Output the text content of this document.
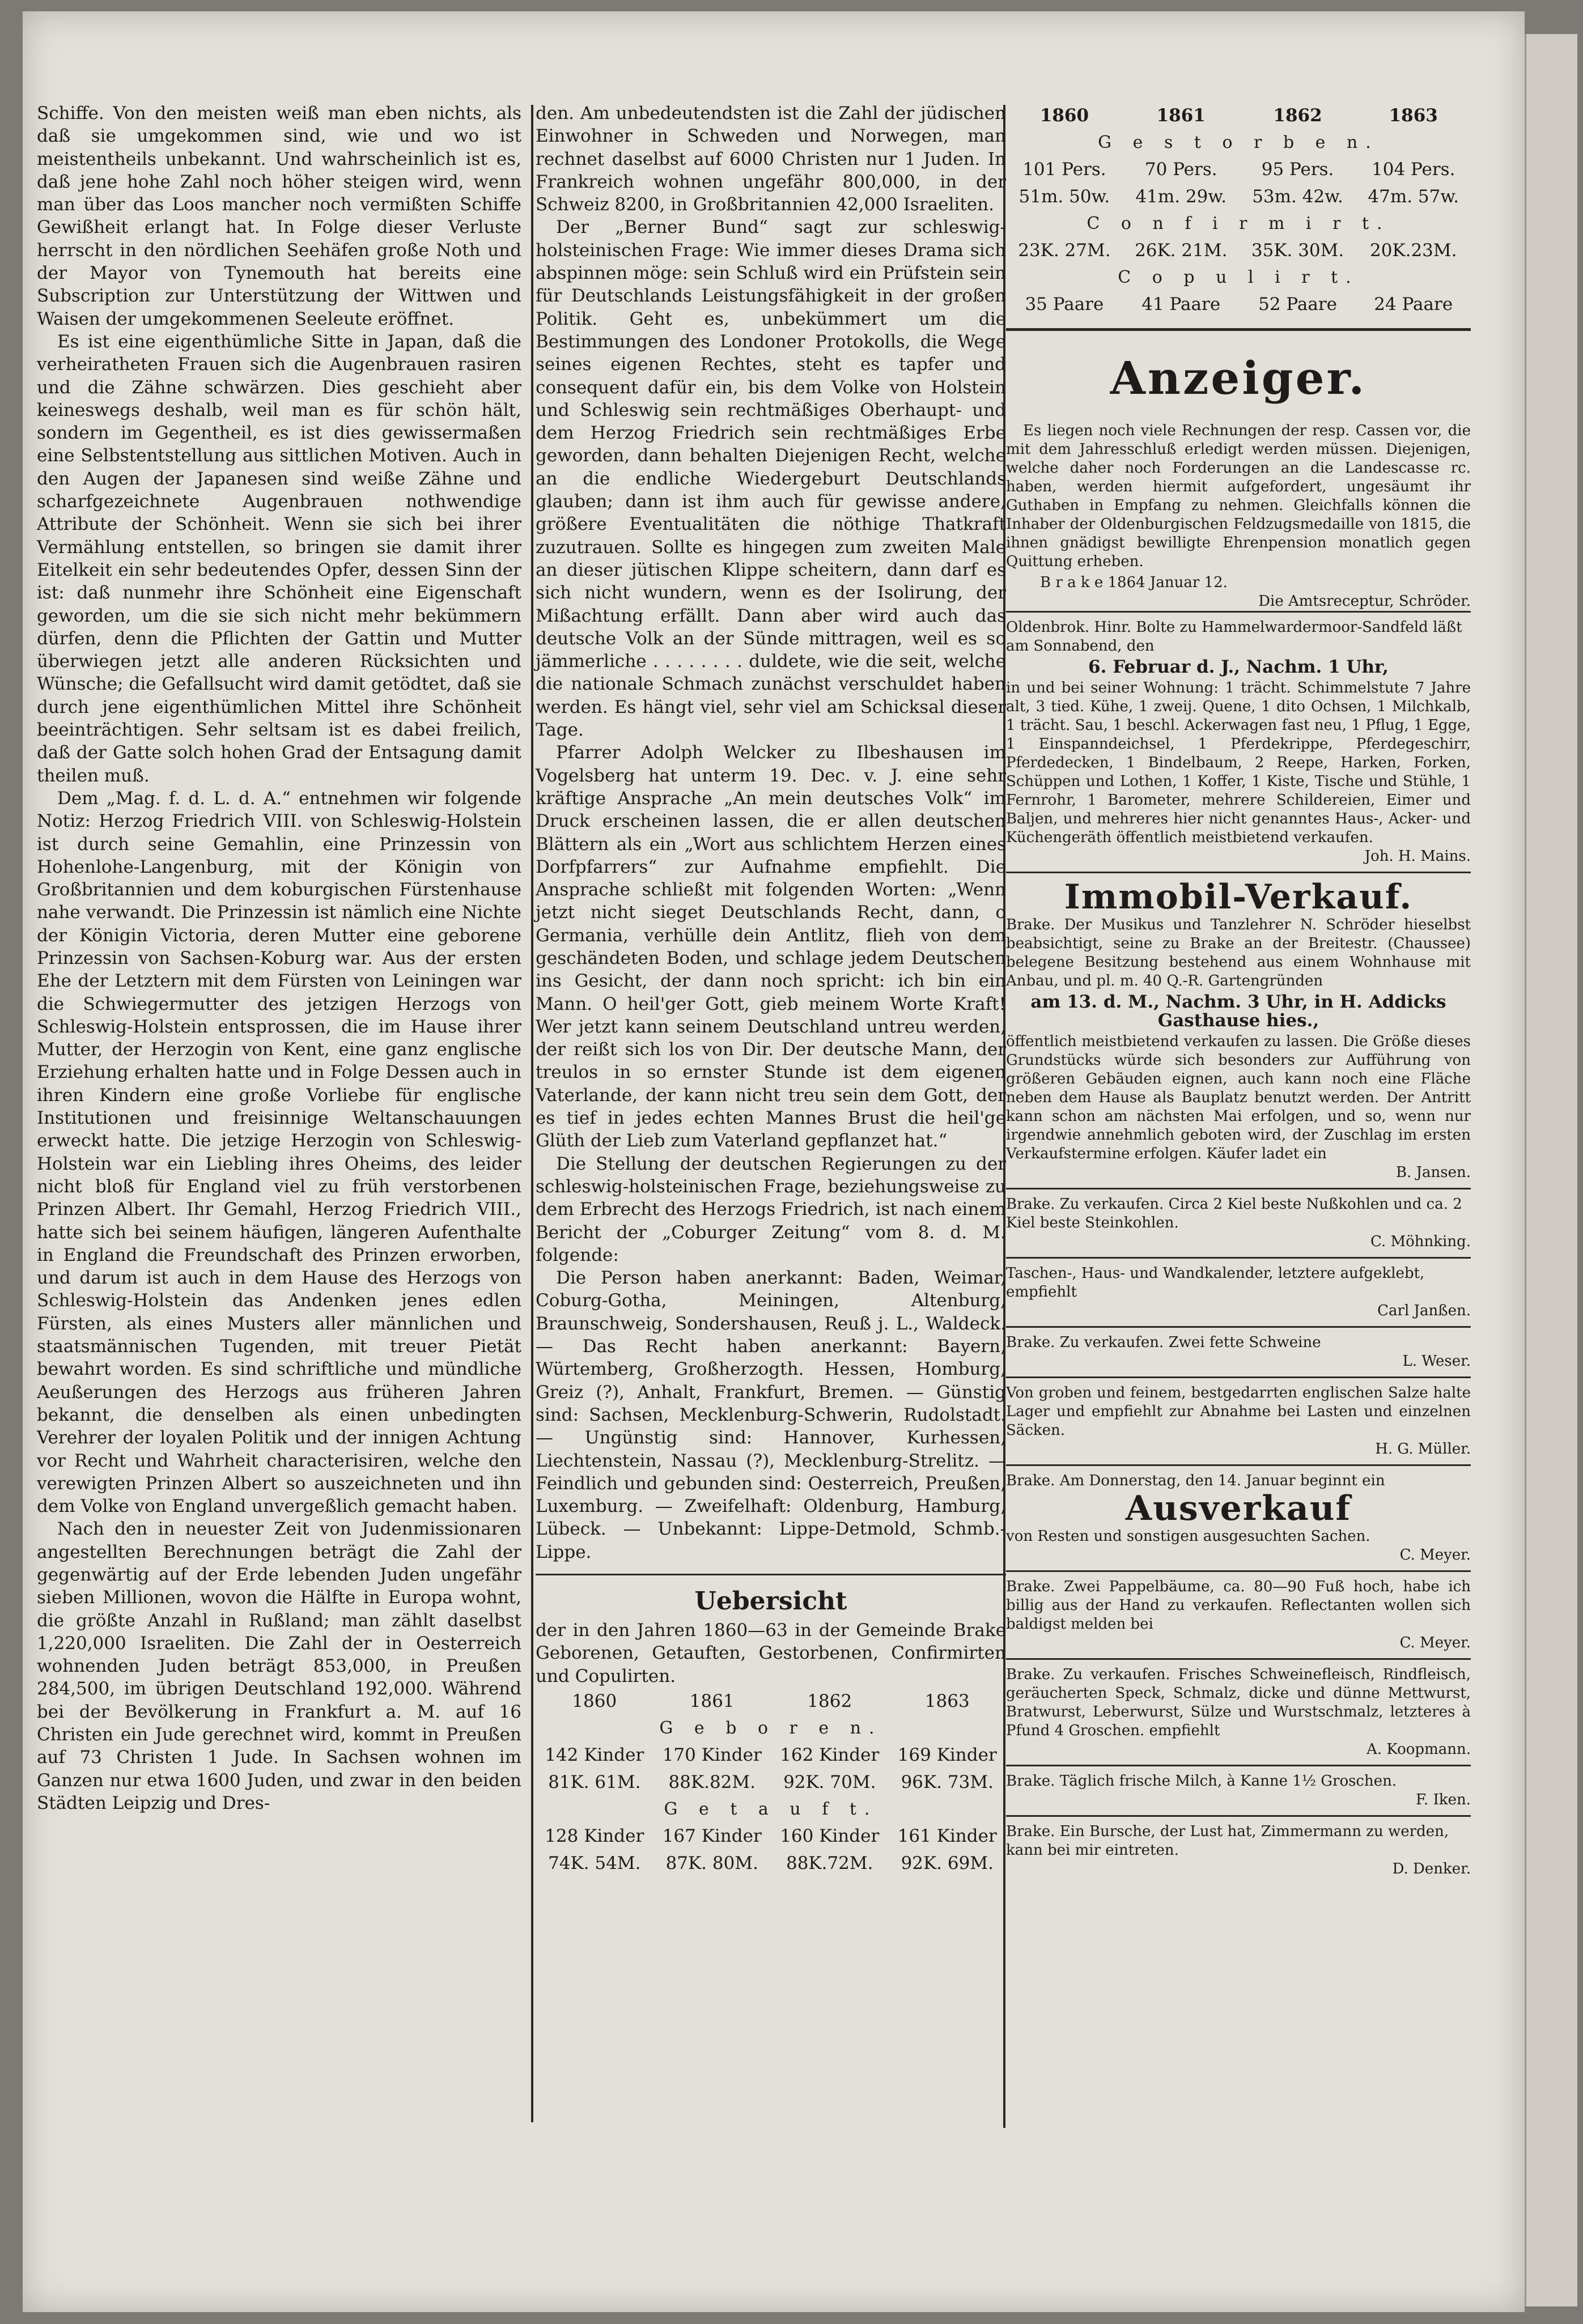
Schiffe. Von den meisten weiß man eben nichts, als daß sie umgekommen sind, wie und wo ist meistentheils unbekannt. Und wahrscheinlich ist es, daß jene hohe Zahl noch höher steigen wird, wenn man über das Loos mancher noch vermißten Schiffe Gewißheit erlangt hat. In Folge dieser Verluste herrscht in den nördlichen Seehäfen große Noth und der Mayor von Tynemouth hat bereits eine Subscription zur Unterstützung der Wittwen und Waisen der umgekommenen Seeleute eröffnet.

Es ist eine eigenthümliche Sitte in Japan, daß die verheiratheten Frauen sich die Augenbrauen rasiren und die Zähne schwärzen. Dies geschieht aber keineswegs deshalb, weil man es für schön hält, sondern im Gegentheil, es ist dies gewissermaßen eine Selbstentstellung aus sittlichen Motiven. Auch in den Augen der Japanesen sind weiße Zähne und scharfgezeichnete Augenbrauen nothwendige Attribute der Schönheit. Wenn sie sich bei ihrer Vermählung entstellen, so bringen sie damit ihrer Eitelkeit ein sehr bedeutendes Opfer, dessen Sinn der ist: daß nunmehr ihre Schönheit eine Eigenschaft geworden, um die sie sich nicht mehr bekümmern dürfen, denn die Pflichten der Gattin und Mutter überwiegen jetzt alle anderen Rücksichten und Wünsche; die Gefallsucht wird damit getödtet, daß sie durch jene eigenthümlichen Mittel ihre Schönheit beeinträchtigen. Sehr seltsam ist es dabei freilich, daß der Gatte solch hohen Grad der Entsagung damit theilen muß.

Dem „Mag. f. d. L. d. A.“ entnehmen wir folgende Notiz: Herzog Friedrich VIII. von Schleswig-Holstein ist durch seine Gemahlin, eine Prinzessin von Hohenlohe-Langenburg, mit der Königin von Großbritannien und dem koburgischen Fürstenhause nahe verwandt. Die Prinzessin ist nämlich eine Nichte der Königin Victoria, deren Mutter eine geborene Prinzessin von Sachsen-Koburg war. Aus der ersten Ehe der Letztern mit dem Fürsten von Leiningen war die Schwiegermutter des jetzigen Herzogs von Schleswig-Holstein entsprossen, die im Hause ihrer Mutter, der Herzogin von Kent, eine ganz englische Erziehung erhalten hatte und in Folge Dessen auch in ihren Kindern eine große Vorliebe für englische Institutionen und freisinnige Weltanschauungen erweckt hatte. Die jetzige Herzogin von Schleswig-Holstein war ein Liebling ihres Oheims, des leider nicht bloß für England viel zu früh verstorbenen Prinzen Albert. Ihr Gemahl, Herzog Friedrich VIII., hatte sich bei seinem häufigen, längeren Aufenthalte in England die Freundschaft des Prinzen erworben, und darum ist auch in dem Hause des Herzogs von Schleswig-Holstein das Andenken jenes edlen Fürsten, als eines Musters aller männlichen und staatsmännischen Tugenden, mit treuer Pietät bewahrt worden. Es sind schriftliche und mündliche Aeußerungen des Herzogs aus früheren Jahren bekannt, die denselben als einen unbedingten Verehrer der loyalen Politik und der innigen Achtung vor Recht und Wahrheit characterisiren, welche den verewigten Prinzen Albert so auszeichneten und ihn dem Volke von England unvergeßlich gemacht haben.

Nach den in neuester Zeit von Judenmissionaren angestellten Berechnungen beträgt die Zahl der gegenwärtig auf der Erde lebenden Juden ungefähr sieben Millionen, wovon die Hälfte in Europa wohnt, die größte Anzahl in Rußland; man zählt daselbst 1,220,000 Israeliten. Die Zahl der in Oesterreich wohnenden Juden beträgt 853,000, in Preußen 284,500, im übrigen Deutschland 192,000. Während bei der Bevölkerung in Frankfurt a. M. auf 16 Christen ein Jude gerechnet wird, kommt in Preußen auf 73 Christen 1 Jude. In Sachsen wohnen im Ganzen nur etwa 1600 Juden, und zwar in den beiden Städten Leipzig und Dres-

den. Am unbedeutendsten ist die Zahl der jüdischen Einwohner in Schweden und Norwegen, man rechnet daselbst auf 6000 Christen nur 1 Juden. In Frankreich wohnen ungefähr 800,000, in der Schweiz 8200, in Großbritannien 42,000 Israeliten.

Der „Berner Bund“ sagt zur schleswig-holsteinischen Frage: Wie immer dieses Drama sich abspinnen möge: sein Schluß wird ein Prüfstein sein für Deutschlands Leistungsfähigkeit in der großen Politik. Geht es, unbekümmert um die Bestimmungen des Londoner Protokolls, die Wege seines eigenen Rechtes, steht es tapfer und consequent dafür ein, bis dem Volke von Holstein und Schleswig sein rechtmäßiges Oberhaupt- und dem Herzog Friedrich sein rechtmäßiges Erbe geworden, dann behalten Diejenigen Recht, welche an die endliche Wiedergeburt Deutschlands glauben; dann ist ihm auch für gewisse andere, größere Eventualitäten die nöthige Thatkraft zuzutrauen. Sollte es hingegen zum zweiten Male an dieser jütischen Klippe scheitern, dann darf es sich nicht wundern, wenn es der Isolirung, der Mißachtung erfällt. Dann aber wird auch das deutsche Volk an der Sünde mittragen, weil es so jämmerliche . . . . . . . . duldete, wie die seit, welche die nationale Schmach zunächst verschuldet haben werden. Es hängt viel, sehr viel am Schicksal dieser Tage.

Pfarrer Adolph Welcker zu Ilbeshausen im Vogelsberg hat unterm 19. Dec. v. J. eine sehr kräftige Ansprache „An mein deutsches Volk“ im Druck erscheinen lassen, die er allen deutschen Blättern als ein „Wort aus schlichtem Herzen eines Dorfpfarrers“ zur Aufnahme empfiehlt. Die Ansprache schließt mit folgenden Worten: „Wenn jetzt nicht sieget Deutschlands Recht, dann, o Germania, verhülle dein Antlitz, flieh von dem geschändeten Boden, und schlage jedem Deutschen ins Gesicht, der dann noch spricht: ich bin ein Mann. O heil'ger Gott, gieb meinem Worte Kraft! Wer jetzt kann seinem Deutschland untreu werden, der reißt sich los von Dir. Der deutsche Mann, der treulos in so ernster Stunde ist dem eigenen Vaterlande, der kann nicht treu sein dem Gott, der es tief in jedes echten Mannes Brust die heil'ge Glüth der Lieb zum Vaterland gepflanzet hat.“

Die Stellung der deutschen Regierungen zu der schleswig-holsteinischen Frage, beziehungsweise zu dem Erbrecht des Herzogs Friedrich, ist nach einem Bericht der „Coburger Zeitung“ vom 8. d. M. folgende:

Die Person haben anerkannt: Baden, Weimar, Coburg-Gotha, Meiningen, Altenburg, Braunschweig, Sondershausen, Reuß j. L., Waldeck. — Das Recht haben anerkannt: Bayern, Würtemberg, Großherzogth. Hessen, Homburg, Greiz (?), Anhalt, Frankfurt, Bremen. — Günstig sind: Sachsen, Mecklenburg-Schwerin, Rudolstadt. — Ungünstig sind: Hannover, Kurhessen, Liechtenstein, Nassau (?), Mecklenburg-Strelitz. — Feindlich und gebunden sind: Oesterreich, Preußen, Luxemburg. — Zweifelhaft: Oldenburg, Hamburg, Lübeck. — Unbekannt: Lippe-Detmold, Schmb.-Lippe.

Uebersicht

der in den Jahren 1860—63 in der Gemeinde Brake Geborenen, Getauften, Gestorbenen, Confirmirten und Copulirten.

1860	1861	1862	1863
G e b o r e n.			
142 Kinder	170 Kinder	162 Kinder	169 Kinder
81K. 61M.	88K.82M.	92K. 70M.	96K. 73M.
G e t a u f t.			
128 Kinder	167 Kinder	160 Kinder	161 Kinder
74K. 54M.	87K. 80M.	88K.72M.	92K. 69M.
1860	1861	1862	1863
G e s t o r b e n.			
101 Pers.	70 Pers.	95 Pers.	104 Pers.
51m. 50w.	41m. 29w.	53m. 42w.	47m. 57w.
C o n f i r m i r t.			
23K. 27M.	26K. 21M.	35K. 30M.	20K.23M.
C o p u l i r t.			
35 Paare	41 Paare	52 Paare	24 Paare
Anzeiger.

Es liegen noch viele Rechnungen der resp. Cassen vor, die mit dem Jahresschluß erledigt werden müssen. Diejenigen, welche daher noch Forderungen an die Landescasse rc. haben, werden hiermit aufgefordert, ungesäumt ihr Guthaben in Empfang zu nehmen. Gleichfalls können die Inhaber der Oldenburgischen Feldzugsmedaille von 1815, die ihnen gnädigst bewilligte Ehrenpension monatlich gegen Quittung erheben.

B r a k e 1864 Januar 12.

Die Amtsreceptur, Schröder.

Oldenbrok. Hinr. Bolte zu Hammelwardermoor-Sandfeld läßt am Sonnabend, den

6. Februar d. J., Nachm. 1 Uhr,

in und bei seiner Wohnung: 1 trächt. Schimmelstute 7 Jahre alt, 3 tied. Kühe, 1 zweij. Quene, 1 dito Ochsen, 1 Milchkalb, 1 trächt. Sau, 1 beschl. Ackerwagen fast neu, 1 Pflug, 1 Egge, 1 Einspanndeichsel, 1 Pferdekrippe, Pferdegeschirr, Pferdedecken, 1 Bindelbaum, 2 Reepe, Harken, Forken, Schüppen und Lothen, 1 Koffer, 1 Kiste, Tische und Stühle, 1 Fernrohr, 1 Barometer, mehrere Schildereien, Eimer und Baljen, und mehreres hier nicht genanntes Haus-, Acker- und Küchengeräth öffentlich meistbietend verkaufen.

Joh. H. Mains.

Immobil-Verkauf.

Brake. Der Musikus und Tanzlehrer N. Schröder hieselbst beabsichtigt, seine zu Brake an der Breitestr. (Chaussee) belegene Besitzung bestehend aus einem Wohnhause mit Anbau, und pl. m. 40 Q.-R. Gartengründen

am 13. d. M., Nachm. 3 Uhr, in H. Addicks Gasthause hies.,

öffentlich meistbietend verkaufen zu lassen. Die Größe dieses Grundstücks würde sich besonders zur Aufführung von größeren Gebäuden eignen, auch kann noch eine Fläche neben dem Hause als Bauplatz benutzt werden. Der Antritt kann schon am nächsten Mai erfolgen, und so, wenn nur irgendwie annehmlich geboten wird, der Zuschlag im ersten Verkaufstermine erfolgen. Käufer ladet ein

B. Jansen.

Brake. Zu verkaufen. Circa 2 Kiel beste Nußkohlen und ca. 2 Kiel beste Steinkohlen.

C. Möhnking.

Taschen-, Haus- und Wandkalender, letztere aufgeklebt, empfiehlt

Carl Janßen.

Brake. Zu verkaufen. Zwei fette Schweine

L. Weser.

Von groben und feinem, bestgedarrten englischen Salze halte Lager und empfiehlt zur Abnahme bei Lasten und einzelnen Säcken.

H. G. Müller.

Brake. Am Donnerstag, den 14. Januar beginnt ein

Ausverkauf

von Resten und sonstigen ausgesuchten Sachen.

C. Meyer.

Brake. Zwei Pappelbäume, ca. 80—90 Fuß hoch, habe ich billig aus der Hand zu verkaufen. Reflectanten wollen sich baldigst melden bei

C. Meyer.

Brake. Zu verkaufen. Frisches Schweinefleisch, Rindfleisch, geräucherten Speck, Schmalz, dicke und dünne Mettwurst, Bratwurst, Leberwurst, Sülze und Wurstschmalz, letzteres à Pfund 4 Groschen. empfiehlt

A. Koopmann.

Brake. Täglich frische Milch, à Kanne 1½ Groschen.

F. Iken.

Brake. Ein Bursche, der Lust hat, Zimmermann zu werden, kann bei mir eintreten.

D. Denker.
